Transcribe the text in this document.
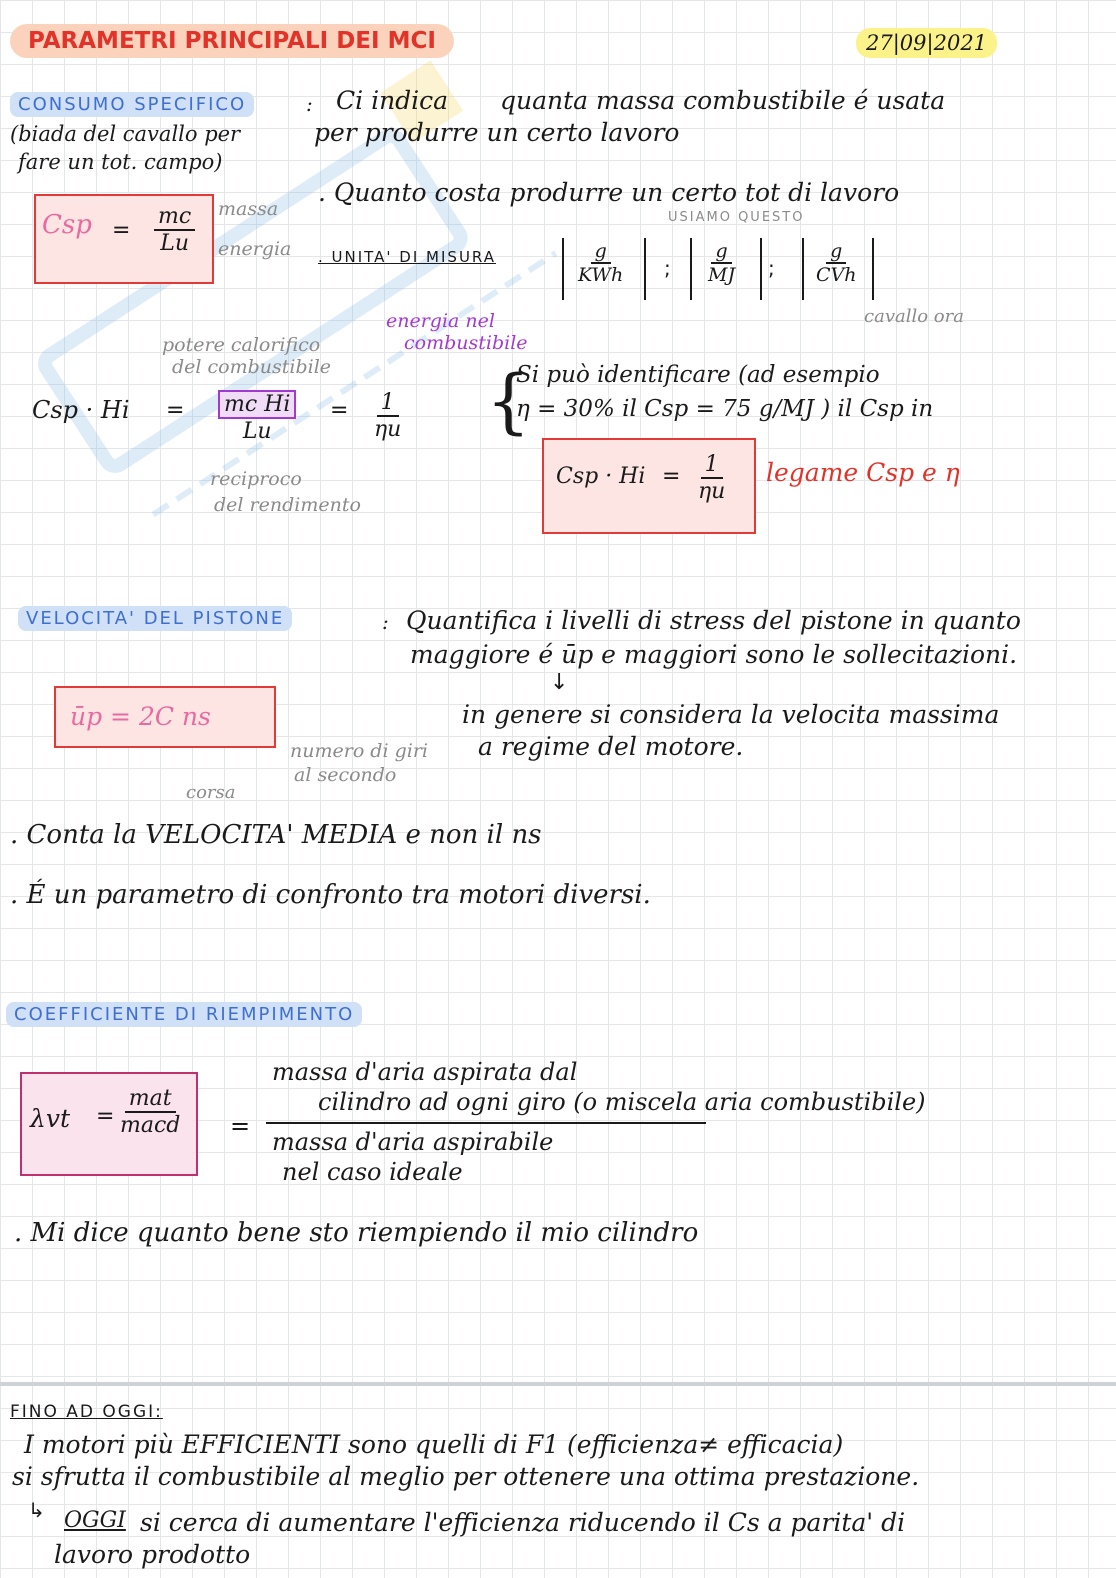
PARAMETRI PRINCIPALI DEI MCI	27|09|2021
CONSUMO SPECIFICO	: Ci indica quanta massa combustibile é usata
per produrre un certo lavoro
(biada del cavallo per
fare un tot. campo)
. Quanto costa produrre un certo tot di lavoro
Csp = $\frac{mc}{Lu}$ massa
energia . UNITA' DI MISURA
USIAMO QUESTO
g
KWh ; $\frac{g}{MJ}$ ;
g
CVh
cavallo ora
potere calorifico
del combustibile
energia nel
combustibile
Csp · $Hi = \frac{\text{mc Hi}}{Lu} = \frac{1}{\eta u}$
reciproco
del rendimento
{
Si può identificare (ad esempio
η = 30% il Csp = 75 g/MJ ) il Csp in
Csp · $Hi = \frac{1}{\eta u}$ legame Csp e η
VELOCITA' DEL PISTONE	: Quantifica i livelli di stress del pistone in quanto
maggiore é ūp e maggiori sono le sollecitazioni.
↓
in genere si considera la velocita massima
a regime del motore.
ūp = 2C ns
numero di giri
al secondo
corsa
. Conta la VELOCITA' MEDIA e non il ns
. É un parametro di confronto tra motori diversi.
COEFFICIENTE DI RIEMPIMENTO
λvt =
mat
macd =
massa d'aria aspirata dal
cilindro ad ogni giro (o miscela aria combustibile)
massa d'aria aspirabile
nel caso ideale
. Mi dice quanto bene sto riempiendo il mio cilindro
FINO AD OGGI:
I motori più EFFICIENTI sono quelli di F1 (efficienza≠ efficacia)
si sfrutta il combustibile al meglio per ottenere una ottima prestazione.
↳ OGGI si cerca di aumentare l'efficienza riducendo il Cs a parita' di
lavoro prodotto
